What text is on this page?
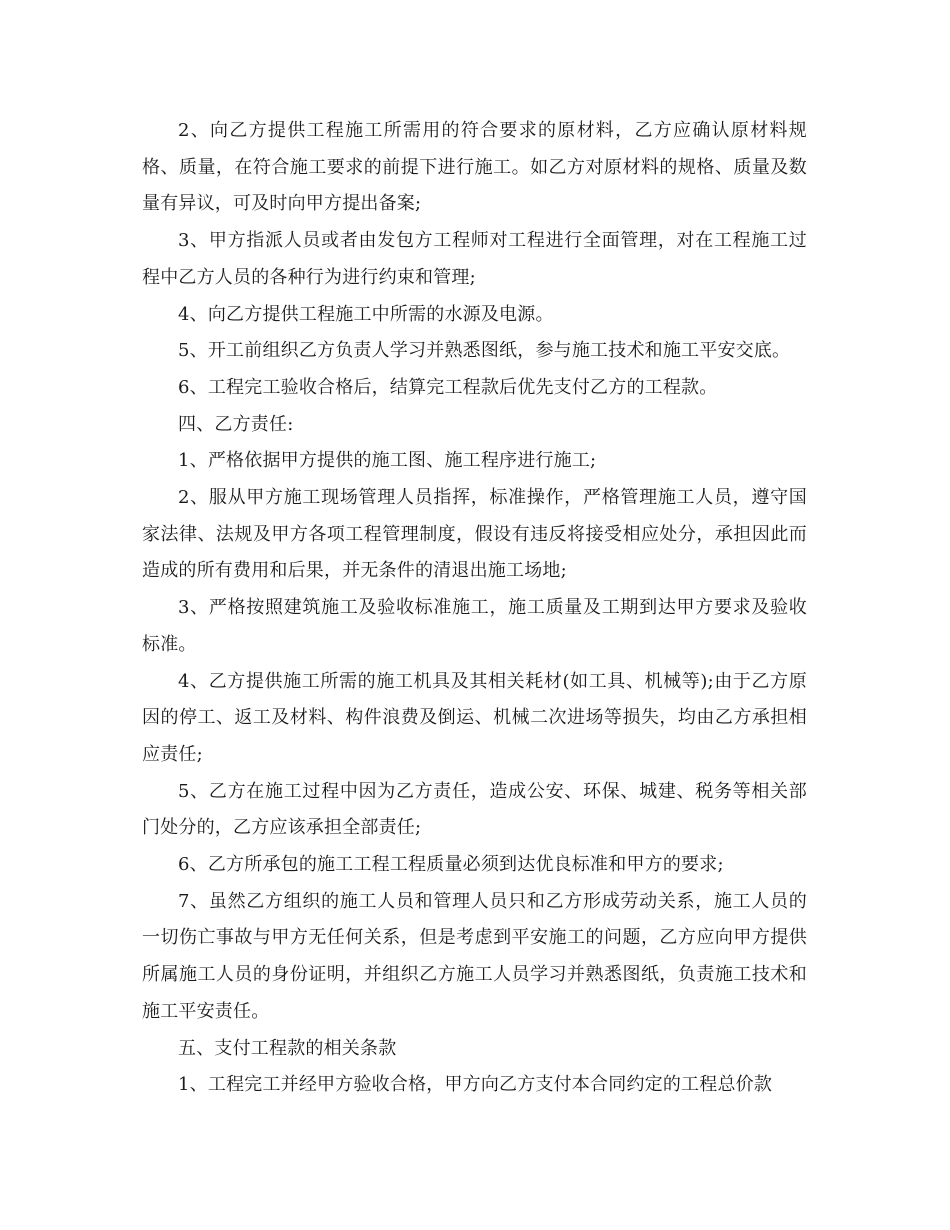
2、向乙方提供工程施工所需用的符合要求的原材料，乙方应确认原材料规格、质量，在符合施工要求的前提下进行施工。如乙方对原材料的规格、质量及数量有异议，可及时向甲方提出备案;

3、甲方指派人员或者由发包方工程师对工程进行全面管理，对在工程施工过程中乙方人员的各种行为进行约束和管理;

4、向乙方提供工程施工中所需的水源及电源。

5、开工前组织乙方负责人学习并熟悉图纸，参与施工技术和施工平安交底。

6、工程完工验收合格后，结算完工程款后优先支付乙方的工程款。

四、乙方责任:

1、严格依据甲方提供的施工图、施工程序进行施工;

2、服从甲方施工现场管理人员指挥，标准操作，严格管理施工人员，遵守国家法律、法规及甲方各项工程管理制度，假设有违反将接受相应处分，承担因此而造成的所有费用和后果，并无条件的清退出施工场地;

3、严格按照建筑施工及验收标准施工，施工质量及工期到达甲方要求及验收标准。

4、乙方提供施工所需的施工机具及其相关耗材(如工具、机械等);由于乙方原因的停工、返工及材料、构件浪费及倒运、机械二次进场等损失，均由乙方承担相应责任;

5、乙方在施工过程中因为乙方责任，造成公安、环保、城建、税务等相关部门处分的，乙方应该承担全部责任;

6、乙方所承包的施工工程工程质量必须到达优良标准和甲方的要求;

7、虽然乙方组织的施工人员和管理人员只和乙方形成劳动关系，施工人员的一切伤亡事故与甲方无任何关系，但是考虑到平安施工的问题，乙方应向甲方提供所属施工人员的身份证明，并组织乙方施工人员学习并熟悉图纸，负责施工技术和施工平安责任。

五、支付工程款的相关条款

1、工程完工并经甲方验收合格，甲方向乙方支付本合同约定的工程总价款
